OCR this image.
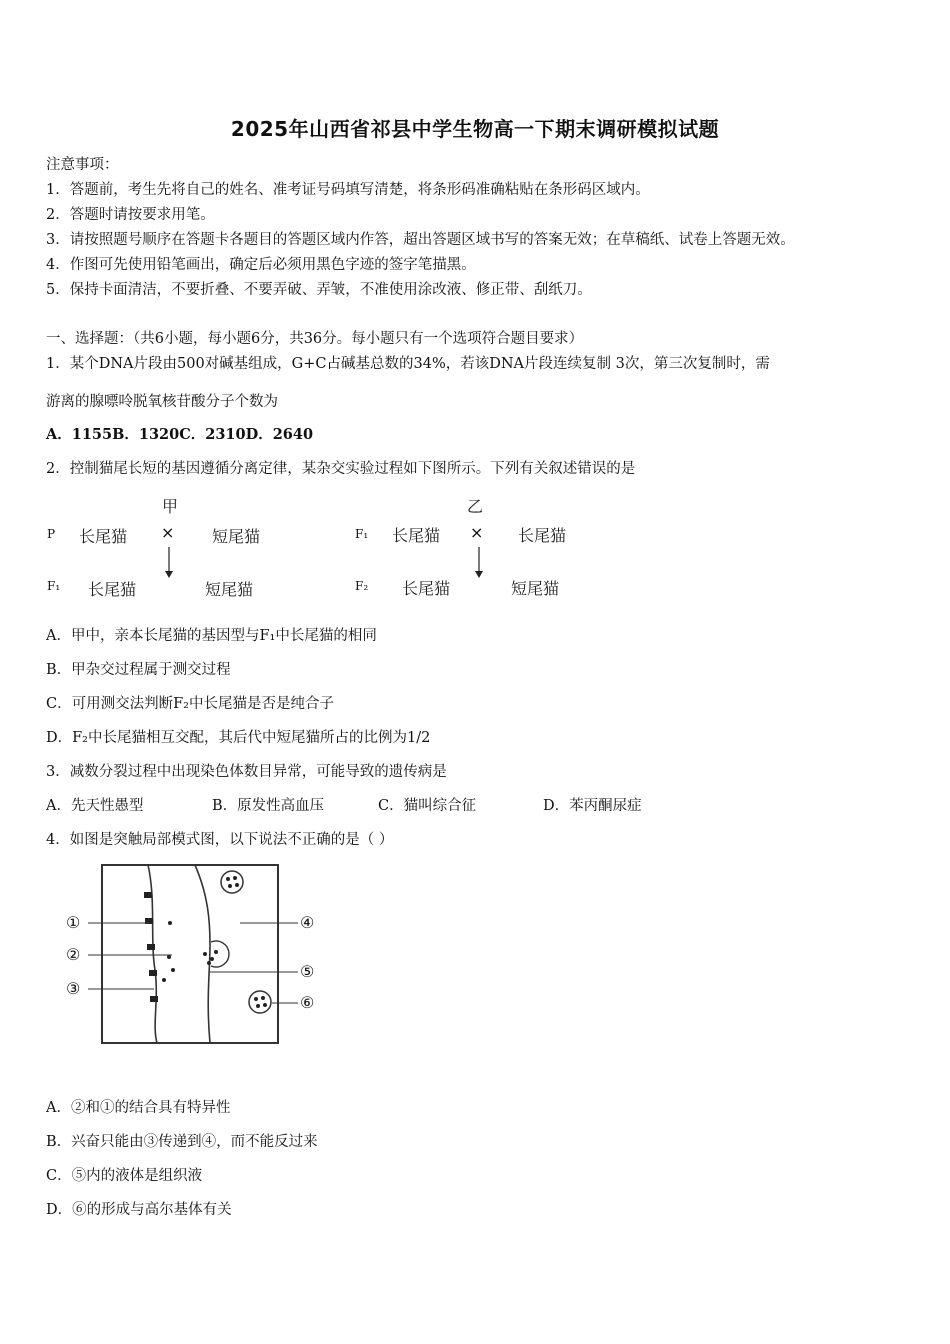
2025年山西省祁县中学生物高一下期末调研模拟试题
注意事项：
1．答题前，考生先将自己的姓名、准考证号码填写清楚，将条形码准确粘贴在条形码区域内。
2．答题时请按要求用笔。
3．请按照题号顺序在答题卡各题目的答题区域内作答，超出答题区域书写的答案无效；在草稿纸、试卷上答题无效。
4．作图可先使用铅笔画出，确定后必须用黑色字迹的签字笔描黑。
5．保持卡面清洁，不要折叠、不要弄破、弄皱，不准使用涂改液、修正带、刮纸刀。
一、选择题：（共6小题，每小题6分，共36分。每小题只有一个选项符合题目要求）
1．某个DNA片段由500对碱基组成，G+C占碱基总数的34%，若该DNA片段连续复制 3次，第三次复制时，需
游离的腺嘌呤脱氧核苷酸分子个数为
A．1155B．1320C．2310D．2640
2．控制猫尾长短的基因遵循分离定律，某杂交实验过程如下图所示。下列有关叙述错误的是
甲	乙
P 长尾猫 × 短尾猫	F₁ 长尾猫 × 长尾猫
F₁ 长尾猫	短尾猫	F₂ 长尾猫	短尾猫
A．甲中，亲本长尾猫的基因型与F₁中长尾猫的相同
B．甲杂交过程属于测交过程
C．可用测交法判断F₂中长尾猫是否是纯合子
D．F₂中长尾猫相互交配，其后代中短尾猫所占的比例为1/2
3．减数分裂过程中出现染色体数目异常，可能导致的遗传病是
A．先天性愚型	B．原发性高血压	C．猫叫综合征	D．苯丙酮尿症
4．如图是突触局部模式图，以下说法不正确的是（ ）
①
②
③
④
⑤
⑥
A．②和①的结合具有特异性
B．兴奋只能由③传递到④，而不能反过来
C．⑤内的液体是组织液
D．⑥的形成与高尔基体有关
